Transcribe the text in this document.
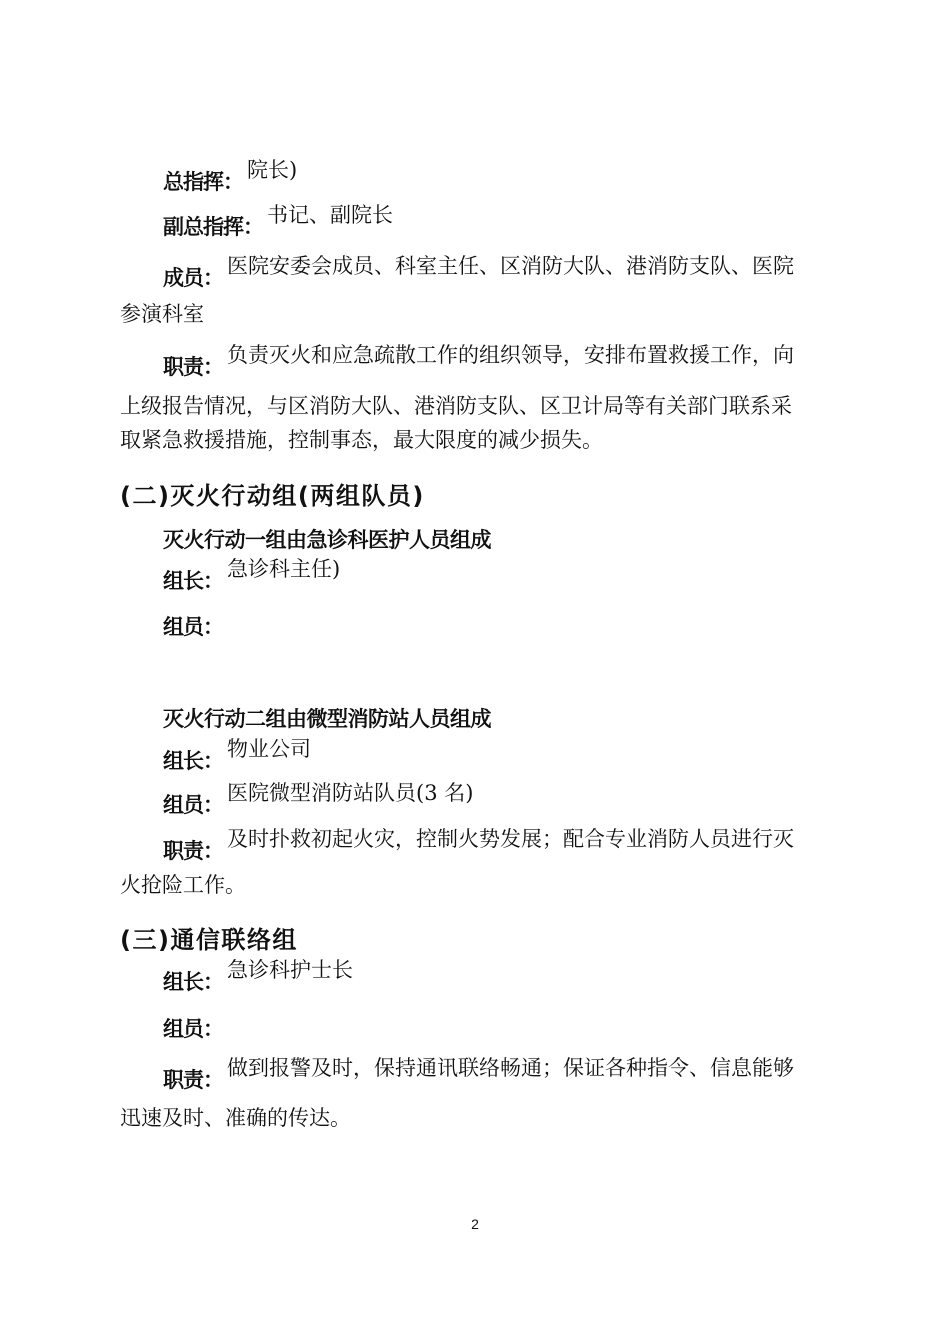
总指挥： 院长)
副总指挥： 书记、副院长
成员： 医院安委会成员、科室主任、区消防大队、港消防支队、医院
参演科室
职责： 负责灭火和应急疏散工作的组织领导，安排布置救援工作，向
上级报告情况，与区消防大队、港消防支队、区卫计局等有关部门联系采
取紧急救援措施，控制事态，最大限度的减少损失。
(二)灭火行动组(两组队员)
灭火行动一组由急诊科医护人员组成
组长： 急诊科主任)
组员：
灭火行动二组由微型消防站人员组成
组长： 物业公司
组员： 医院微型消防站队员(3 名)
职责： 及时扑救初起火灾，控制火势发展；配合专业消防人员进行灭
火抢险工作。
(三)通信联络组
组长： 急诊科护士长
组员：
职责： 做到报警及时，保持通讯联络畅通；保证各种指令、信息能够
迅速及时、准确的传达。
2
